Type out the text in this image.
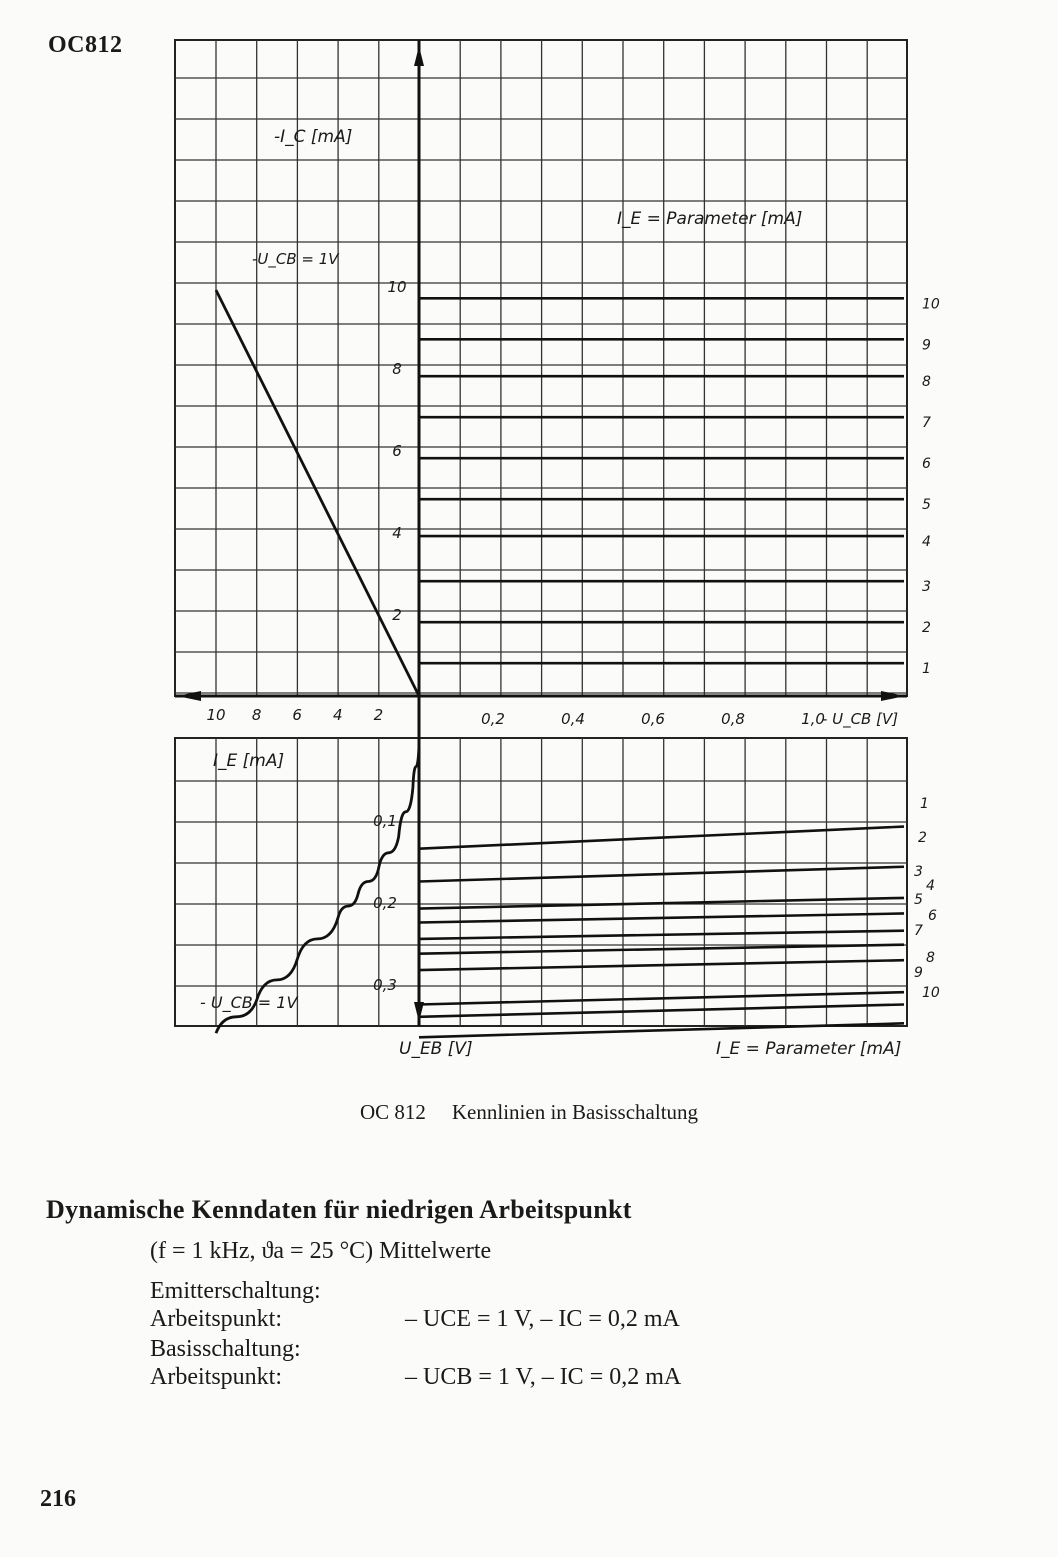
OC812
1
2
3
4
5
6
7
8
9
10
1
2
3
4
5
6
7
8
9
10
0,2	0,4	0,6	0,8	1,0
- U_CB [V]
10 8 6 4 2
2
4
6
8
10
0,1
0,2
0,3
-I_C [mA]
I_E = Parameter [mA]
-U_CB = 1V
I_E [mA]
- U_CB = 1V
U_EB [V]	I_E = Parameter [mA]
OC 812 Kennlinien in Basisschaltung
Dynamische Kenndaten für niedrigen Arbeitspunkt
(f = 1 kHz, ϑa = 25 °C) Mittelwerte
Emitterschaltung:
Arbeitspunkt:	– UCE = 1 V, – IC = 0,2 mA
Basisschaltung:
Arbeitspunkt:	– UCB = 1 V, – IC = 0,2 mA
216
